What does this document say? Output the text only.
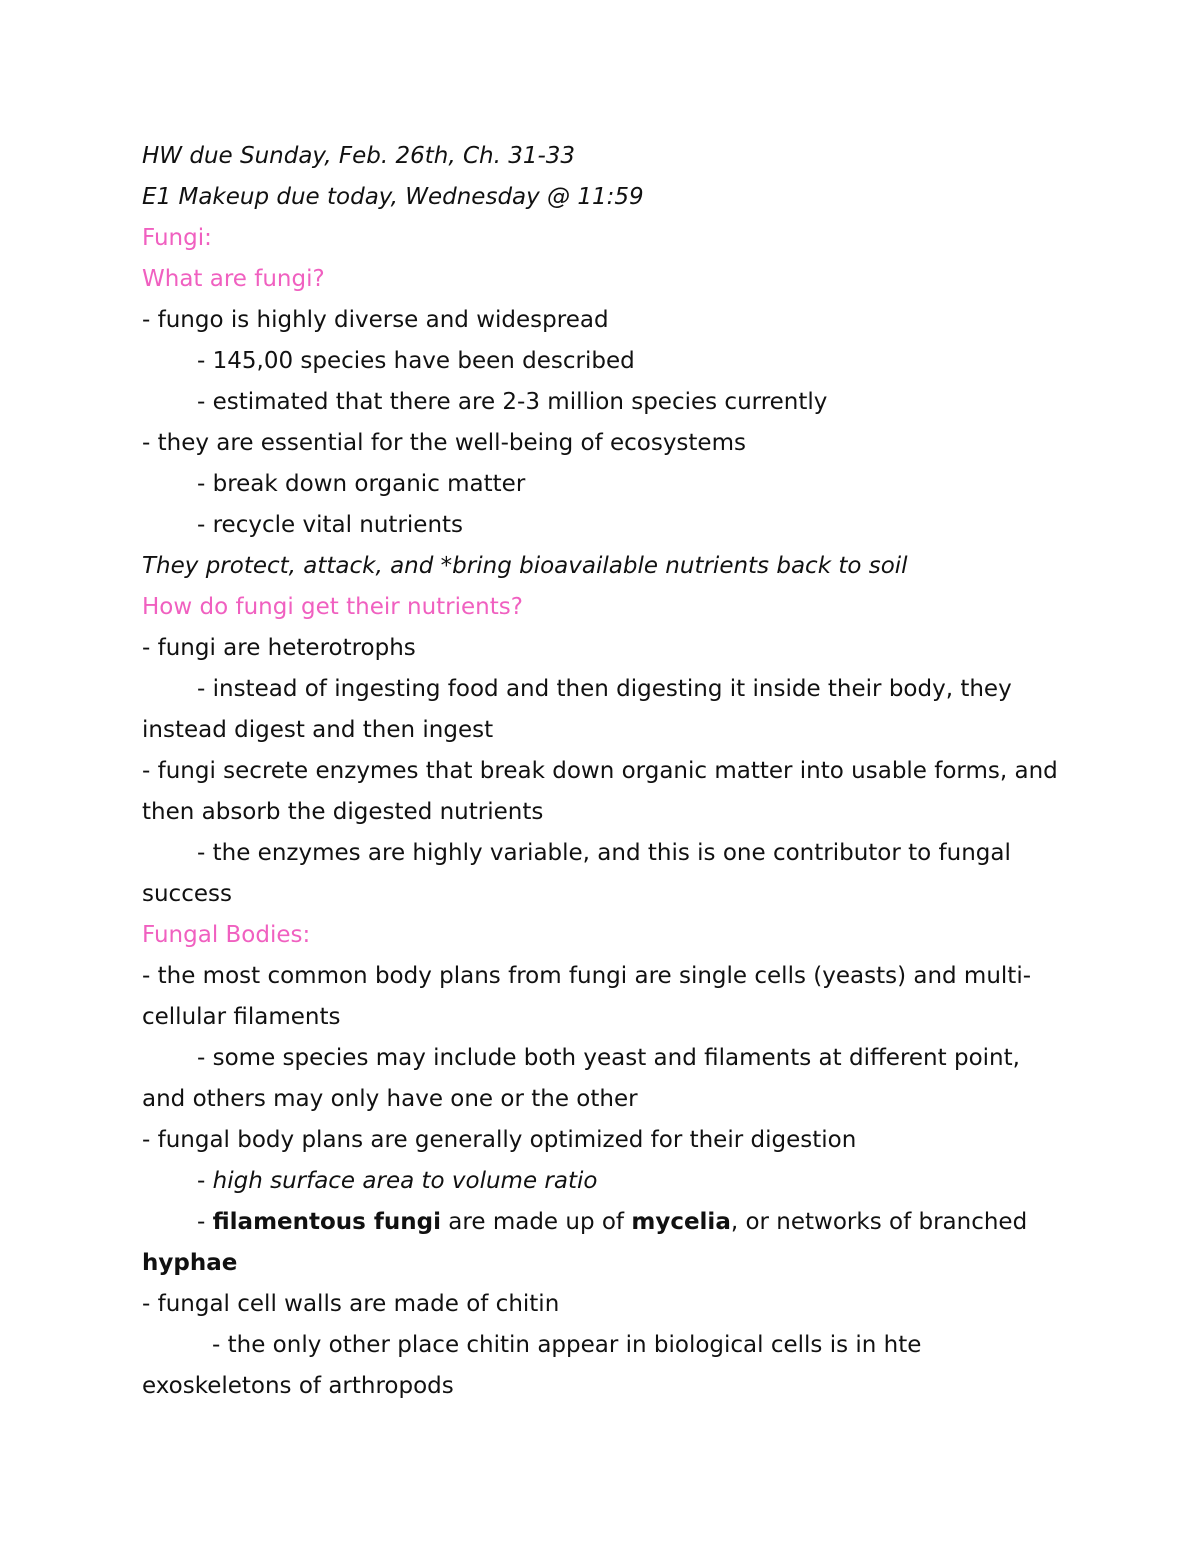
HW due Sunday, Feb. 26th, Ch. 31-33

E1 Makeup due today, Wednesday @ 11:59

Fungi:

What are fungi?

- fungo is highly diverse and widespread

- 145,00 species have been described

- estimated that there are 2-3 million species currently

- they are essential for the well-being of ecosystems

- break down organic matter

- recycle vital nutrients

They protect, attack, and *bring bioavailable nutrients back to soil

How do fungi get their nutrients?

- fungi are heterotrophs

- instead of ingesting food and then digesting it inside their body, they instead digest and then ingest

- fungi secrete enzymes that break down organic matter into usable forms, and then absorb the digested nutrients

- the enzymes are highly variable, and this is one contributor to fungal success

Fungal Bodies:

- the most common body plans from fungi are single cells (yeasts) and multi-cellular filaments

- some species may include both yeast and filaments at different point, and others may only have one or the other

- fungal body plans are generally optimized for their digestion

- high surface area to volume ratio

- filamentous fungi are made up of mycelia, or networks of branched hyphae

- fungal cell walls are made of chitin

- the only other place chitin appear in biological cells is in hte exoskeletons of arthropods
